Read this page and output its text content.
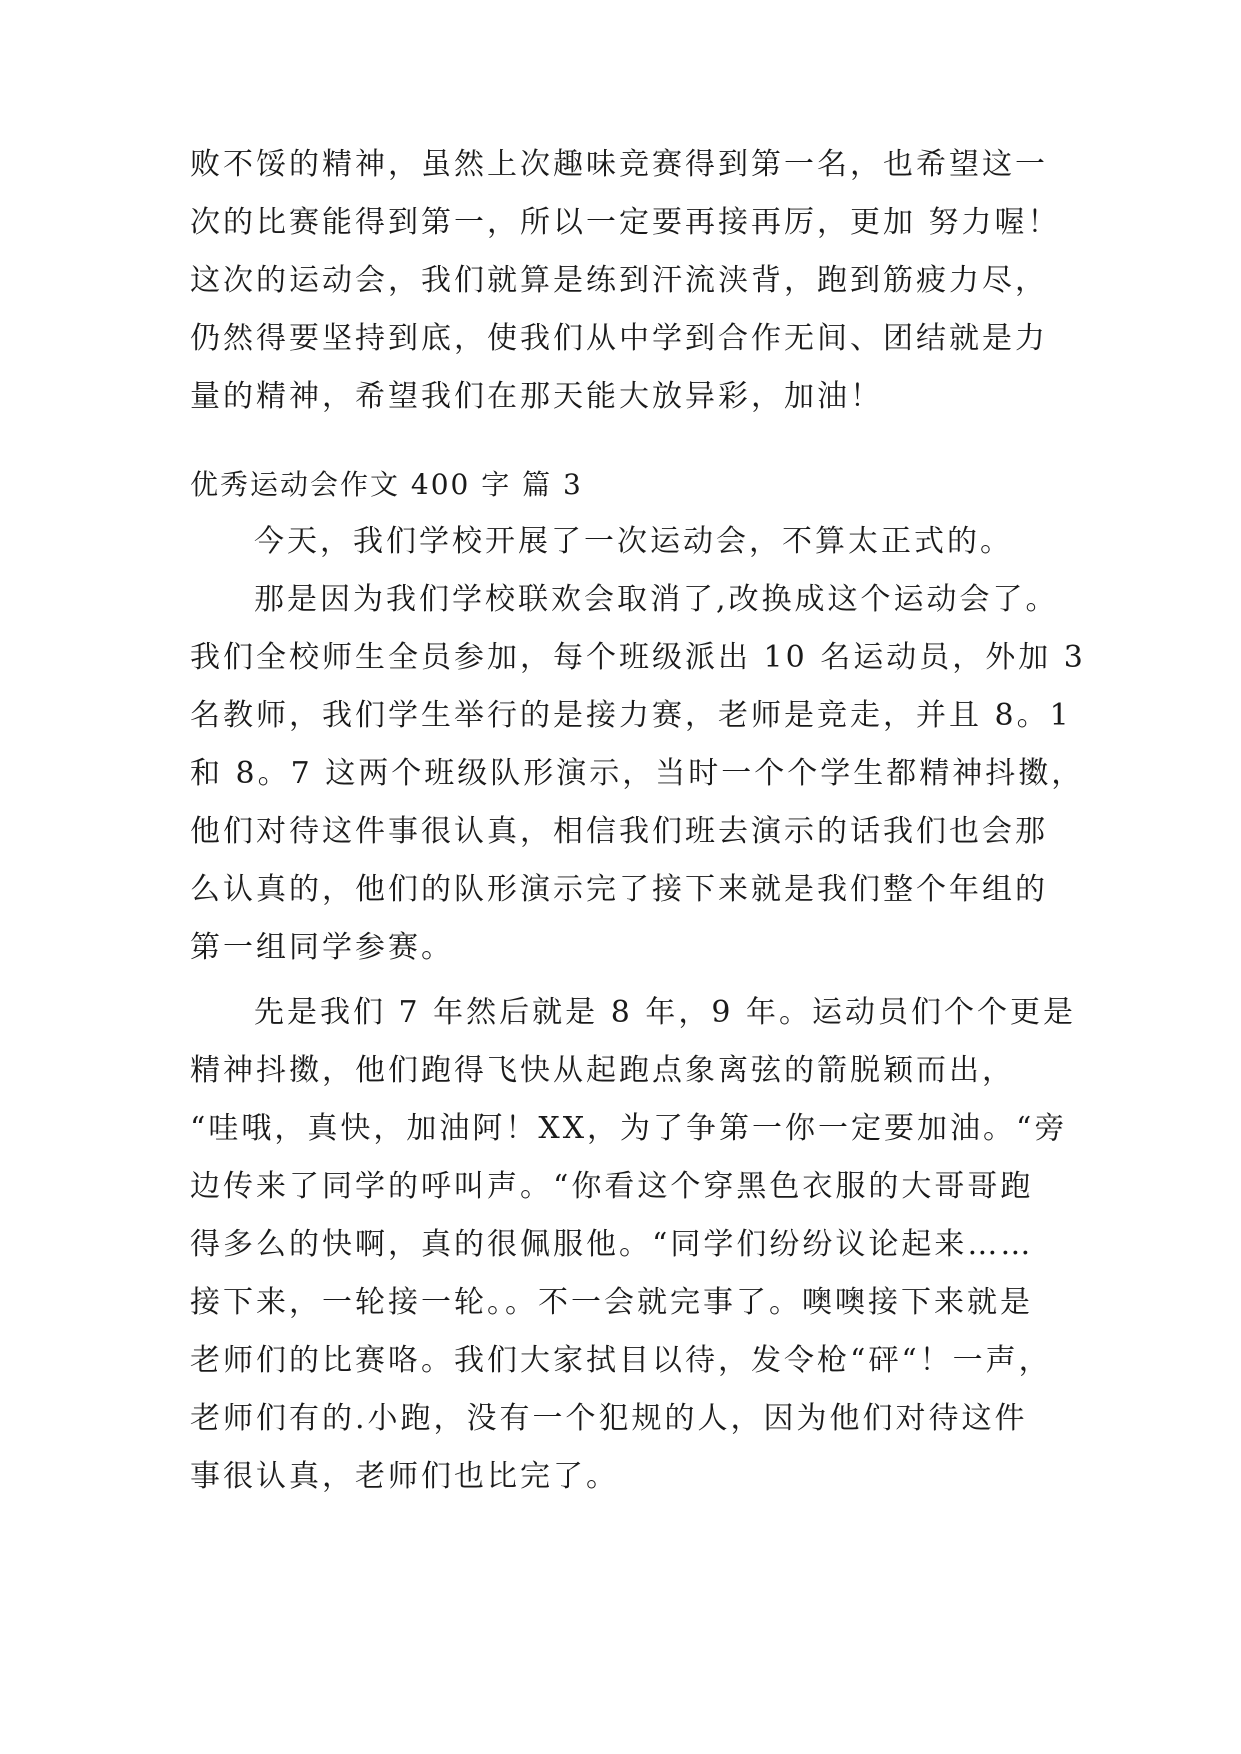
败不馁的精神，虽然上次趣味竞赛得到第一名，也希望这一
次的比赛能得到第一，所以一定要再接再厉，更加 努力喔！
这次的运动会，我们就算是练到汗流浃背，跑到筋疲力尽，
仍然得要坚持到底，使我们从中学到合作无间、团结就是力
量的精神，希望我们在那天能大放异彩，加油！
优秀运动会作文 400 字 篇 3
今天，我们学校开展了一次运动会，不算太正式的。
那是因为我们学校联欢会取消了,改换成这个运动会了。
我们全校师生全员参加，每个班级派出 10 名运动员，外加 3
名教师，我们学生举行的是接力赛，老师是竞走，并且 8。1
和 8。7 这两个班级队形演示，当时一个个学生都精神抖擞，
他们对待这件事很认真，相信我们班去演示的话我们也会那
么认真的，他们的队形演示完了接下来就是我们整个年组的
第一组同学参赛。
先是我们 7 年然后就是 8 年，9 年。运动员们个个更是
精神抖擞，他们跑得飞快从起跑点象离弦的箭脱颖而出，
“哇哦，真快，加油阿！XX，为了争第一你一定要加油。“旁
边传来了同学的呼叫声。“你看这个穿黑色衣服的大哥哥跑
得多么的快啊，真的很佩服他。“同学们纷纷议论起来……
接下来，一轮接一轮。。不一会就完事了。噢噢接下来就是
老师们的比赛咯。我们大家拭目以待，发令枪“砰“！一声，
老师们有的.小跑，没有一个犯规的人，因为他们对待这件
事很认真，老师们也比完了。
